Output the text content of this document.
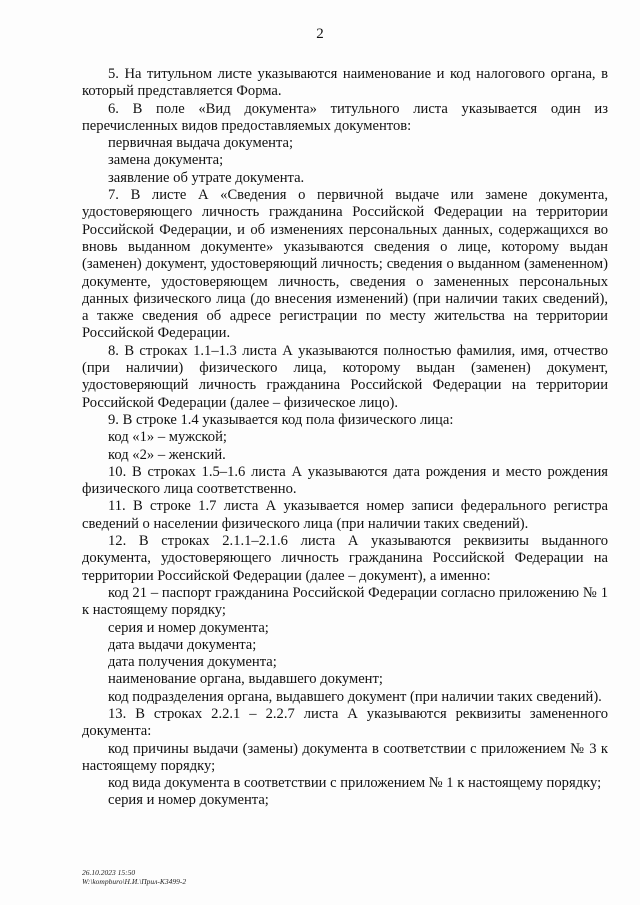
2

5. На титульном листе указываются наименование и код налогового органа, в который представляется Форма.

6. В поле «Вид документа» титульного листа указывается один из перечисленных видов предоставляемых документов:

первичная выдача документа;

замена документа;

заявление об утрате документа.

7. В листе А «Сведения о первичной выдаче или замене документа, удостоверяющего личность гражданина Российской Федерации на территории Российской Федерации, и об изменениях персональных данных, содержащихся во вновь выданном документе» указываются сведения о лице, которому выдан (заменен) документ, удостоверяющий личность; сведения о выданном (замененном) документе, удостоверяющем личность, сведения о замененных персональных данных физического лица (до внесения изменений) (при наличии таких сведений), а также сведения об адресе регистрации по месту жительства на территории Российской Федерации.

8. В строках 1.1–1.3 листа А указываются полностью фамилия, имя, отчество (при наличии) физического лица, которому выдан (заменен) документ, удостоверяющий личность гражданина Российской Федерации на территории Российской Федерации (далее – физическое лицо).

9. В строке 1.4 указывается код пола физического лица:

код «1» – мужской;

код «2» – женский.

10. В строках 1.5–1.6 листа А указываются дата рождения и место рождения физического лица соответственно.

11. В строке 1.7 листа А указывается номер записи федерального регистра сведений о населении физического лица (при наличии таких сведений).

12. В строках 2.1.1–2.1.6 листа А указываются реквизиты выданного документа, удостоверяющего личность гражданина Российской Федерации на территории Российской Федерации (далее – документ), а именно:

код 21 – паспорт гражданина Российской Федерации согласно приложению № 1 к настоящему порядку;

серия и номер документа;

дата выдачи документа;

дата получения документа;

наименование органа, выдавшего документ;

код подразделения органа, выдавшего документ (при наличии таких сведений).

13. В строках 2.2.1 – 2.2.7 листа А указываются реквизиты замененного документа:

код причины выдачи (замены) документа в соответствии с приложением № 3 к настоящему порядку;

код вида документа в соответствии с приложением № 1 к настоящему порядку;

серия и номер документа;

26.10.2023 15:50
W:\kompburo\Н.И.\Прил-К3499-2
